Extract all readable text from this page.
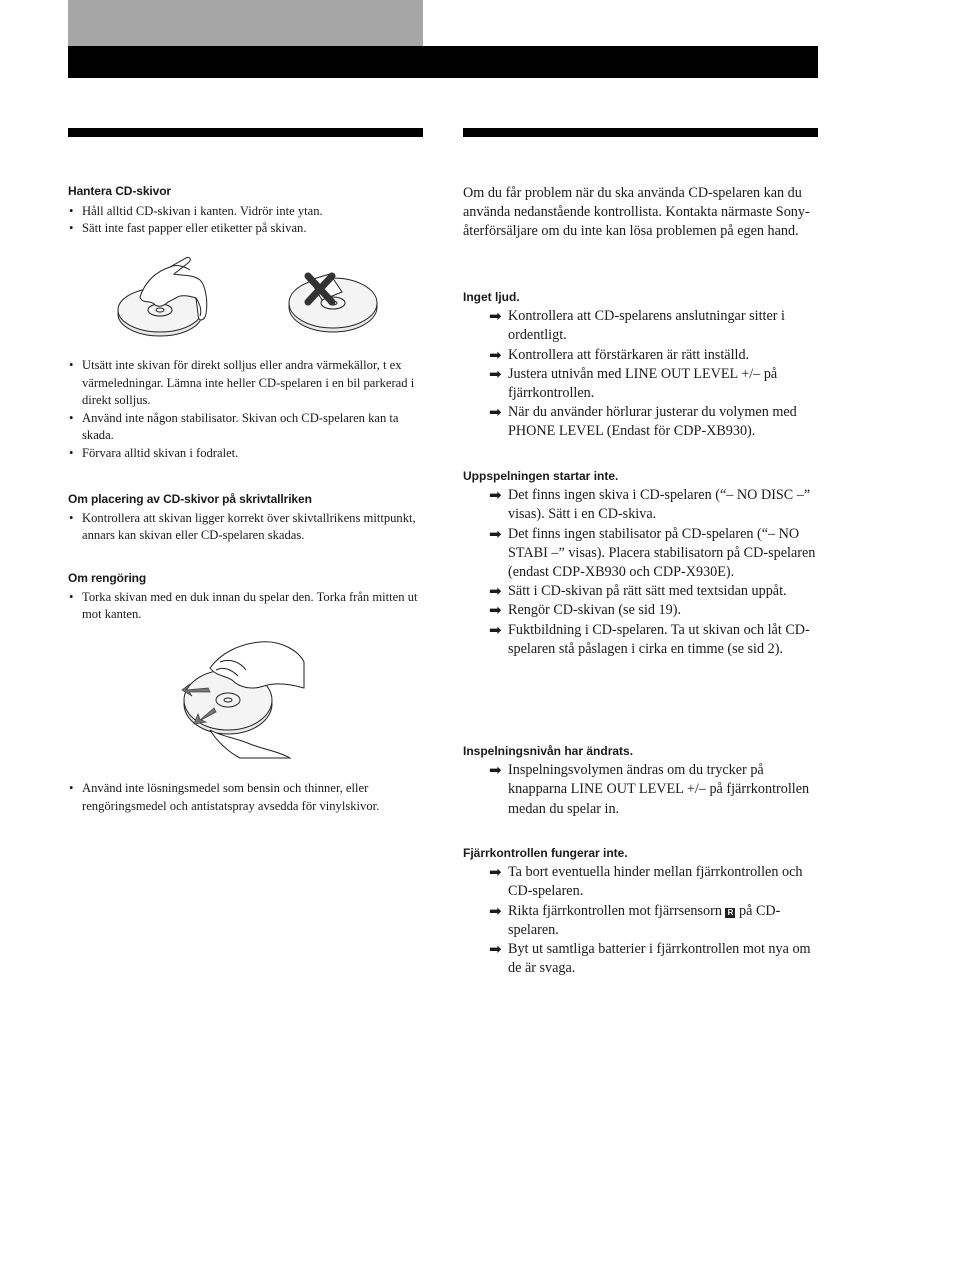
Hantera CD-skivor

• Håll alltid CD-skivan i kanten. Vidrör inte ytan.
• Sätt inte fast papper eller etiketter på skivan.
• Utsätt inte skivan för direkt solljus eller andra värmekällor, t ex värmeledningar. Lämna inte heller CD-spelaren i en bil parkerad i direkt solljus.
• Använd inte någon stabilisator. Skivan och CD-spelaren kan ta skada.
• Förvara alltid skivan i fodralet.

Om placering av CD-skivor på skrivtallriken

• Kontrollera att skivan ligger korrekt över skivtallrikens mittpunkt, annars kan skivan eller CD-spelaren skadas.

Om rengöring

• Torka skivan med en duk innan du spelar den. Torka från mitten ut mot kanten.
• Använd inte lösningsmedel som bensin och thinner, eller rengöringsmedel och antistatspray avsedda för vinylskivor.

Om du får problem när du ska använda CD-spelaren kan du använda nedanstående kontrollista. Kontakta närmaste Sony-återförsäljare om du inte kan lösa problemen på egen hand.

Inget ljud.

➡ Kontrollera att CD-spelarens anslutningar sitter i ordentligt.
➡ Kontrollera att förstärkaren är rätt inställd.
➡ Justera utnivån med LINE OUT LEVEL +/– på fjärrkontrollen.
➡ När du använder hörlurar justerar du volymen med PHONE LEVEL (Endast för CDP-XB930).

Uppspelningen startar inte.

➡ Det finns ingen skiva i CD-spelaren (“– NO DISC –” visas). Sätt i en CD-skiva.
➡ Det finns ingen stabilisator på CD-spelaren (“– NO STABI –” visas). Placera stabilisatorn på CD-spelaren (endast CDP-XB930 och CDP-X930E).
➡ Sätt i CD-skivan på rätt sätt med textsidan uppåt.
➡ Rengör CD-skivan (se sid 19).
➡ Fuktbildning i CD-spelaren. Ta ut skivan och låt CD-spelaren stå påslagen i cirka en timme (se sid 2).

Inspelningsnivån har ändrats.

➡ Inspelningsvolymen ändras om du trycker på knapparna LINE OUT LEVEL +/– på fjärrkontrollen medan du spelar in.

Fjärrkontrollen fungerar inte.

➡ Ta bort eventuella hinder mellan fjärrkontrollen och CD-spelaren.
➡ Rikta fjärrkontrollen mot fjärrsensorn R på CD-spelaren.
➡ Byt ut samtliga batterier i fjärrkontrollen mot nya om de är svaga.
